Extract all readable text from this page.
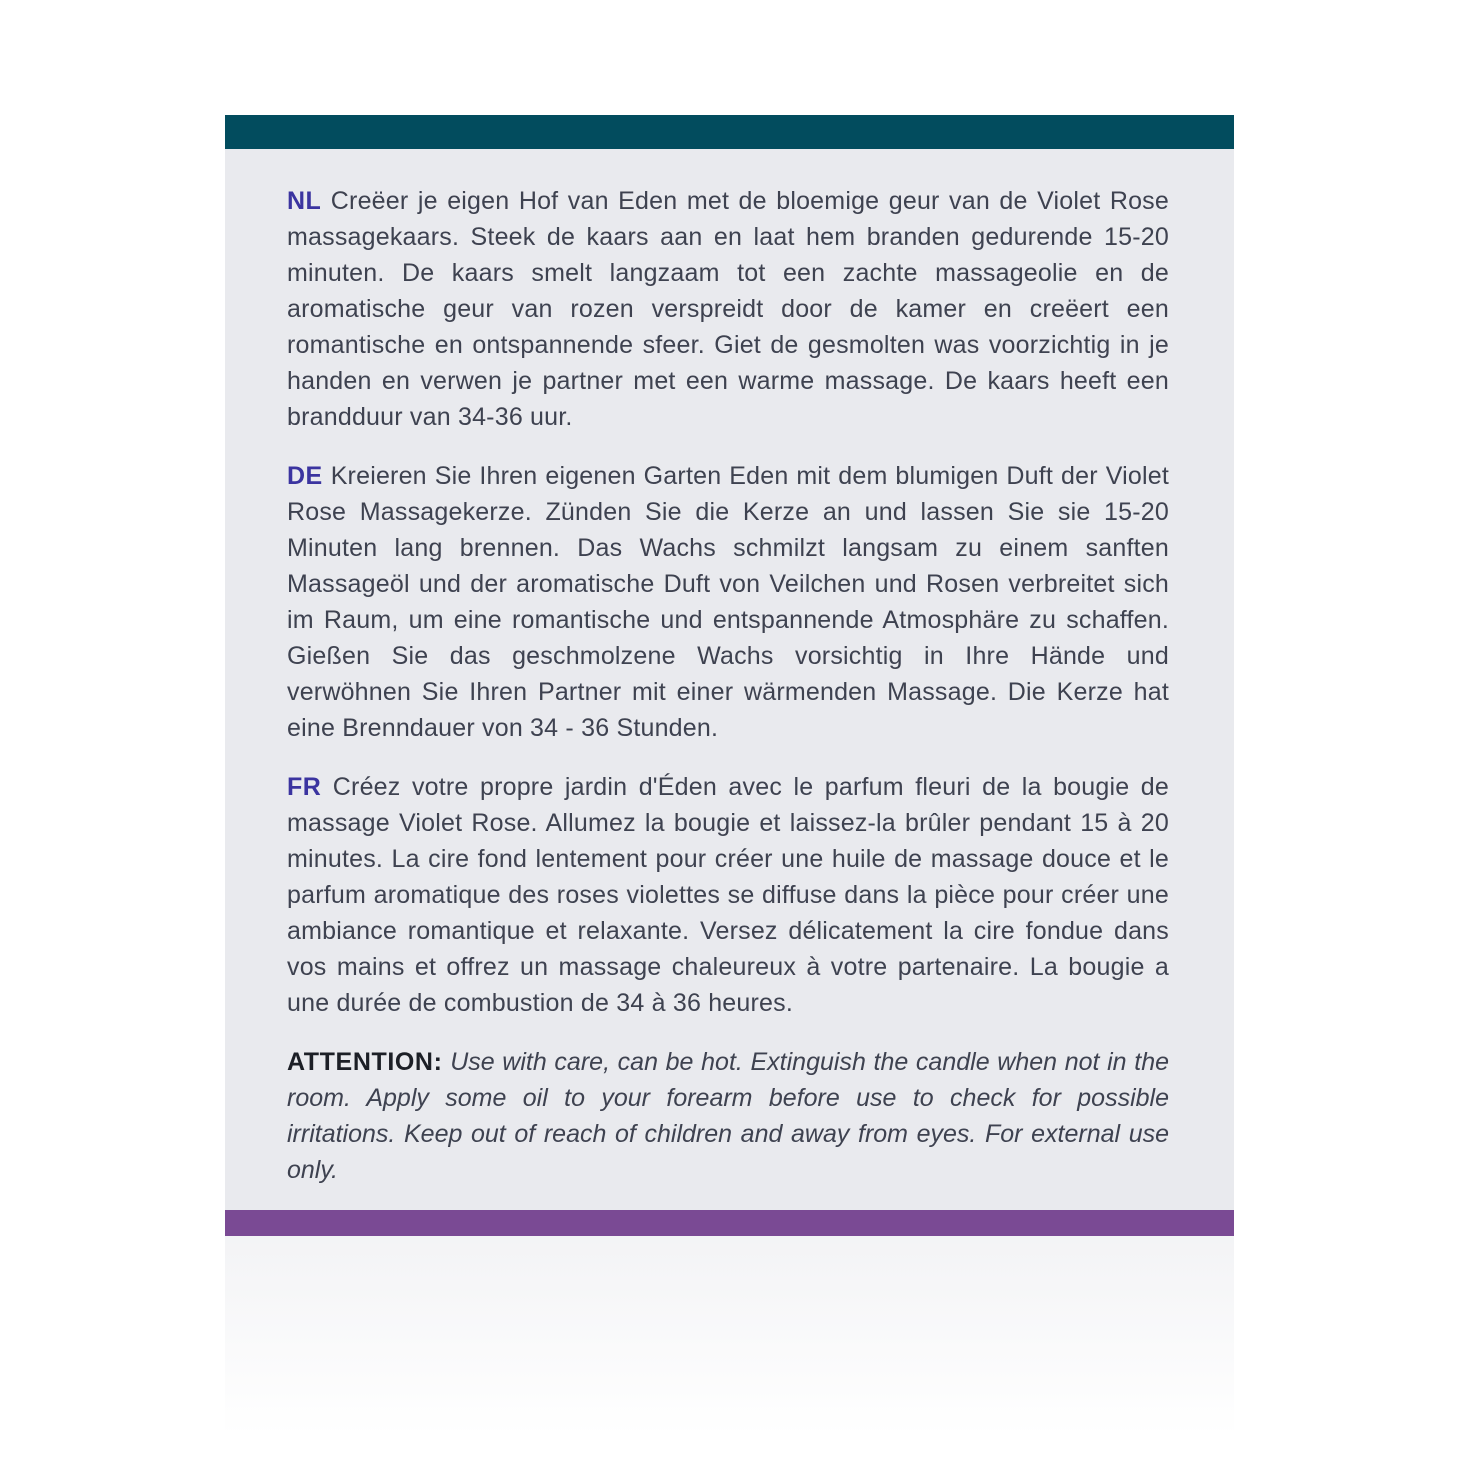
NL Creëer je eigen Hof van Eden met de bloemige geur van de Violet Rose massagekaars. Steek de kaars aan en laat hem branden gedurende 15-20 minuten. De kaars smelt langzaam tot een zachte massageolie en de aromatische geur van rozen verspreidt door de kamer en creëert een romantische en ontspannende sfeer. Giet de gesmolten was voorzichtig in je handen en verwen je partner met een warme massage. De kaars heeft een brandduur van 34-36 uur.

DE Kreieren Sie Ihren eigenen Garten Eden mit dem blumigen Duft der Violet Rose Massagekerze. Zünden Sie die Kerze an und lassen Sie sie 15-20 Minuten lang brennen. Das Wachs schmilzt langsam zu einem sanften Massageöl und der aromatische Duft von Veilchen und Rosen verbreitet sich im Raum, um eine romantische und entspannende Atmosphäre zu schaffen. Gießen Sie das geschmolzene Wachs vorsichtig in Ihre Hände und verwöhnen Sie Ihren Partner mit einer wärmenden Massage. Die Kerze hat eine Brenndauer von 34 - 36 Stunden.

FR Créez votre propre jardin d'Éden avec le parfum fleuri de la bougie de massage Violet Rose. Allumez la bougie et laissez-la brûler pendant 15 à 20 minutes. La cire fond lentement pour créer une huile de massage douce et le parfum aromatique des roses violettes se diffuse dans la pièce pour créer une ambiance romantique et relaxante. Versez délicatement la cire fondue dans vos mains et offrez un massage chaleureux à votre partenaire. La bougie a une durée de combustion de 34 à 36 heures.

ATTENTION: Use with care, can be hot. Extinguish the candle when not in the room. Apply some oil to your forearm before use to check for possible irritations. Keep out of reach of children and away from eyes. For external use only.
